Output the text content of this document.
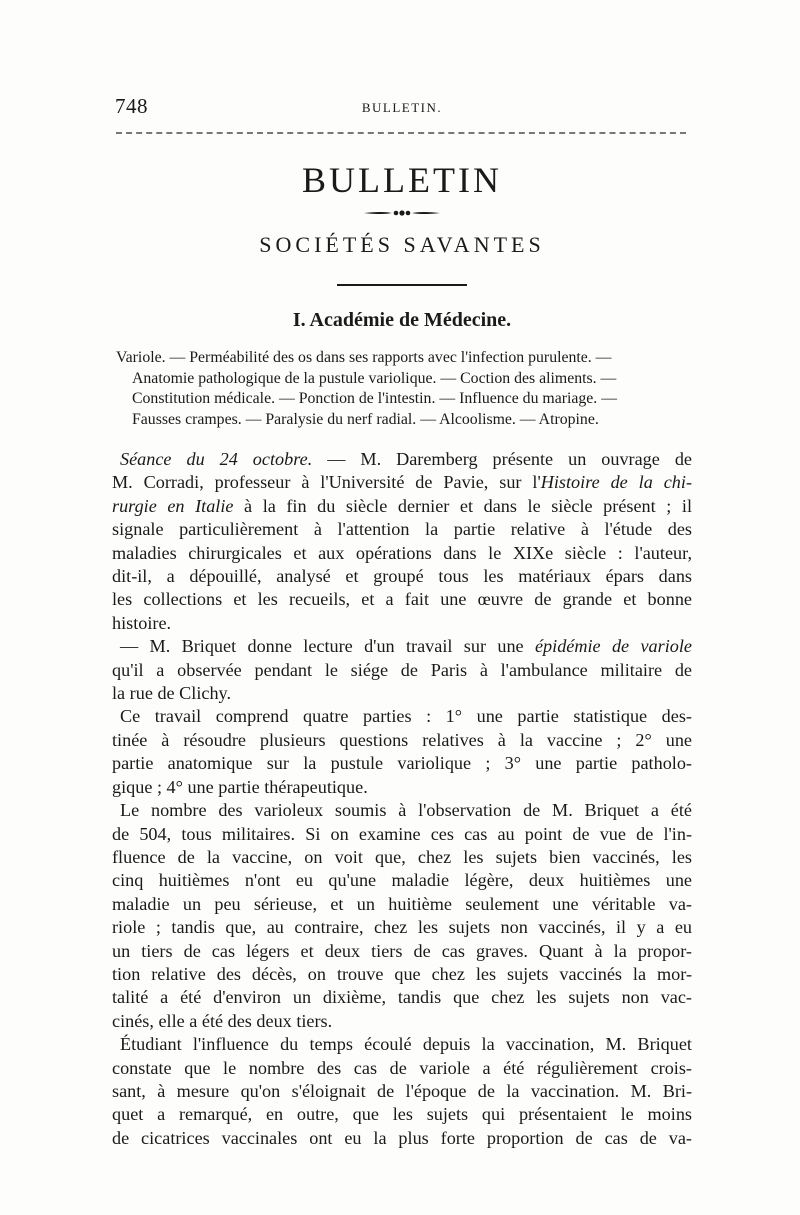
748	BULLETIN.
BULLETIN
SOCIÉTÉS SAVANTES
I. Académie de Médecine.
Variole. — Perméabilité des os dans ses rapports avec l'infection purulente. —
Anatomie pathologique de la pustule variolique. — Coction des aliments. —
Constitution médicale. — Ponction de l'intestin. — Influence du mariage. —
Fausses crampes. — Paralysie du nerf radial. — Alcoolisme. — Atropine.
Séance du 24 octobre. — M. Daremberg présente un ouvrage de
M. Corradi, professeur à l'Université de Pavie, sur l'Histoire de la chi-
rurgie en Italie à la fin du siècle dernier et dans le siècle présent ; il
signale particulièrement à l'attention la partie relative à l'étude des
maladies chirurgicales et aux opérations dans le XIXe siècle : l'auteur,
dit-il, a dépouillé, analysé et groupé tous les matériaux épars dans
les collections et les recueils, et a fait une œuvre de grande et bonne
histoire.
— M. Briquet donne lecture d'un travail sur une épidémie de variole
qu'il a observée pendant le siége de Paris à l'ambulance militaire de
la rue de Clichy.
Ce travail comprend quatre parties : 1° une partie statistique des-
tinée à résoudre plusieurs questions relatives à la vaccine ; 2° une
partie anatomique sur la pustule variolique ; 3° une partie patholo-
gique ; 4° une partie thérapeutique.
Le nombre des varioleux soumis à l'observation de M. Briquet a été
de 504, tous militaires. Si on examine ces cas au point de vue de l'in-
fluence de la vaccine, on voit que, chez les sujets bien vaccinés, les
cinq huitièmes n'ont eu qu'une maladie légère, deux huitièmes une
maladie un peu sérieuse, et un huitième seulement une véritable va-
riole ; tandis que, au contraire, chez les sujets non vaccinés, il y a eu
un tiers de cas légers et deux tiers de cas graves. Quant à la propor-
tion relative des décès, on trouve que chez les sujets vaccinés la mor-
talité a été d'environ un dixième, tandis que chez les sujets non vac-
cinés, elle a été des deux tiers.
Étudiant l'influence du temps écoulé depuis la vaccination, M. Briquet
constate que le nombre des cas de variole a été régulièrement crois-
sant, à mesure qu'on s'éloignait de l'époque de la vaccination. M. Bri-
quet a remarqué, en outre, que les sujets qui présentaient le moins
de cicatrices vaccinales ont eu la plus forte proportion de cas de va-
